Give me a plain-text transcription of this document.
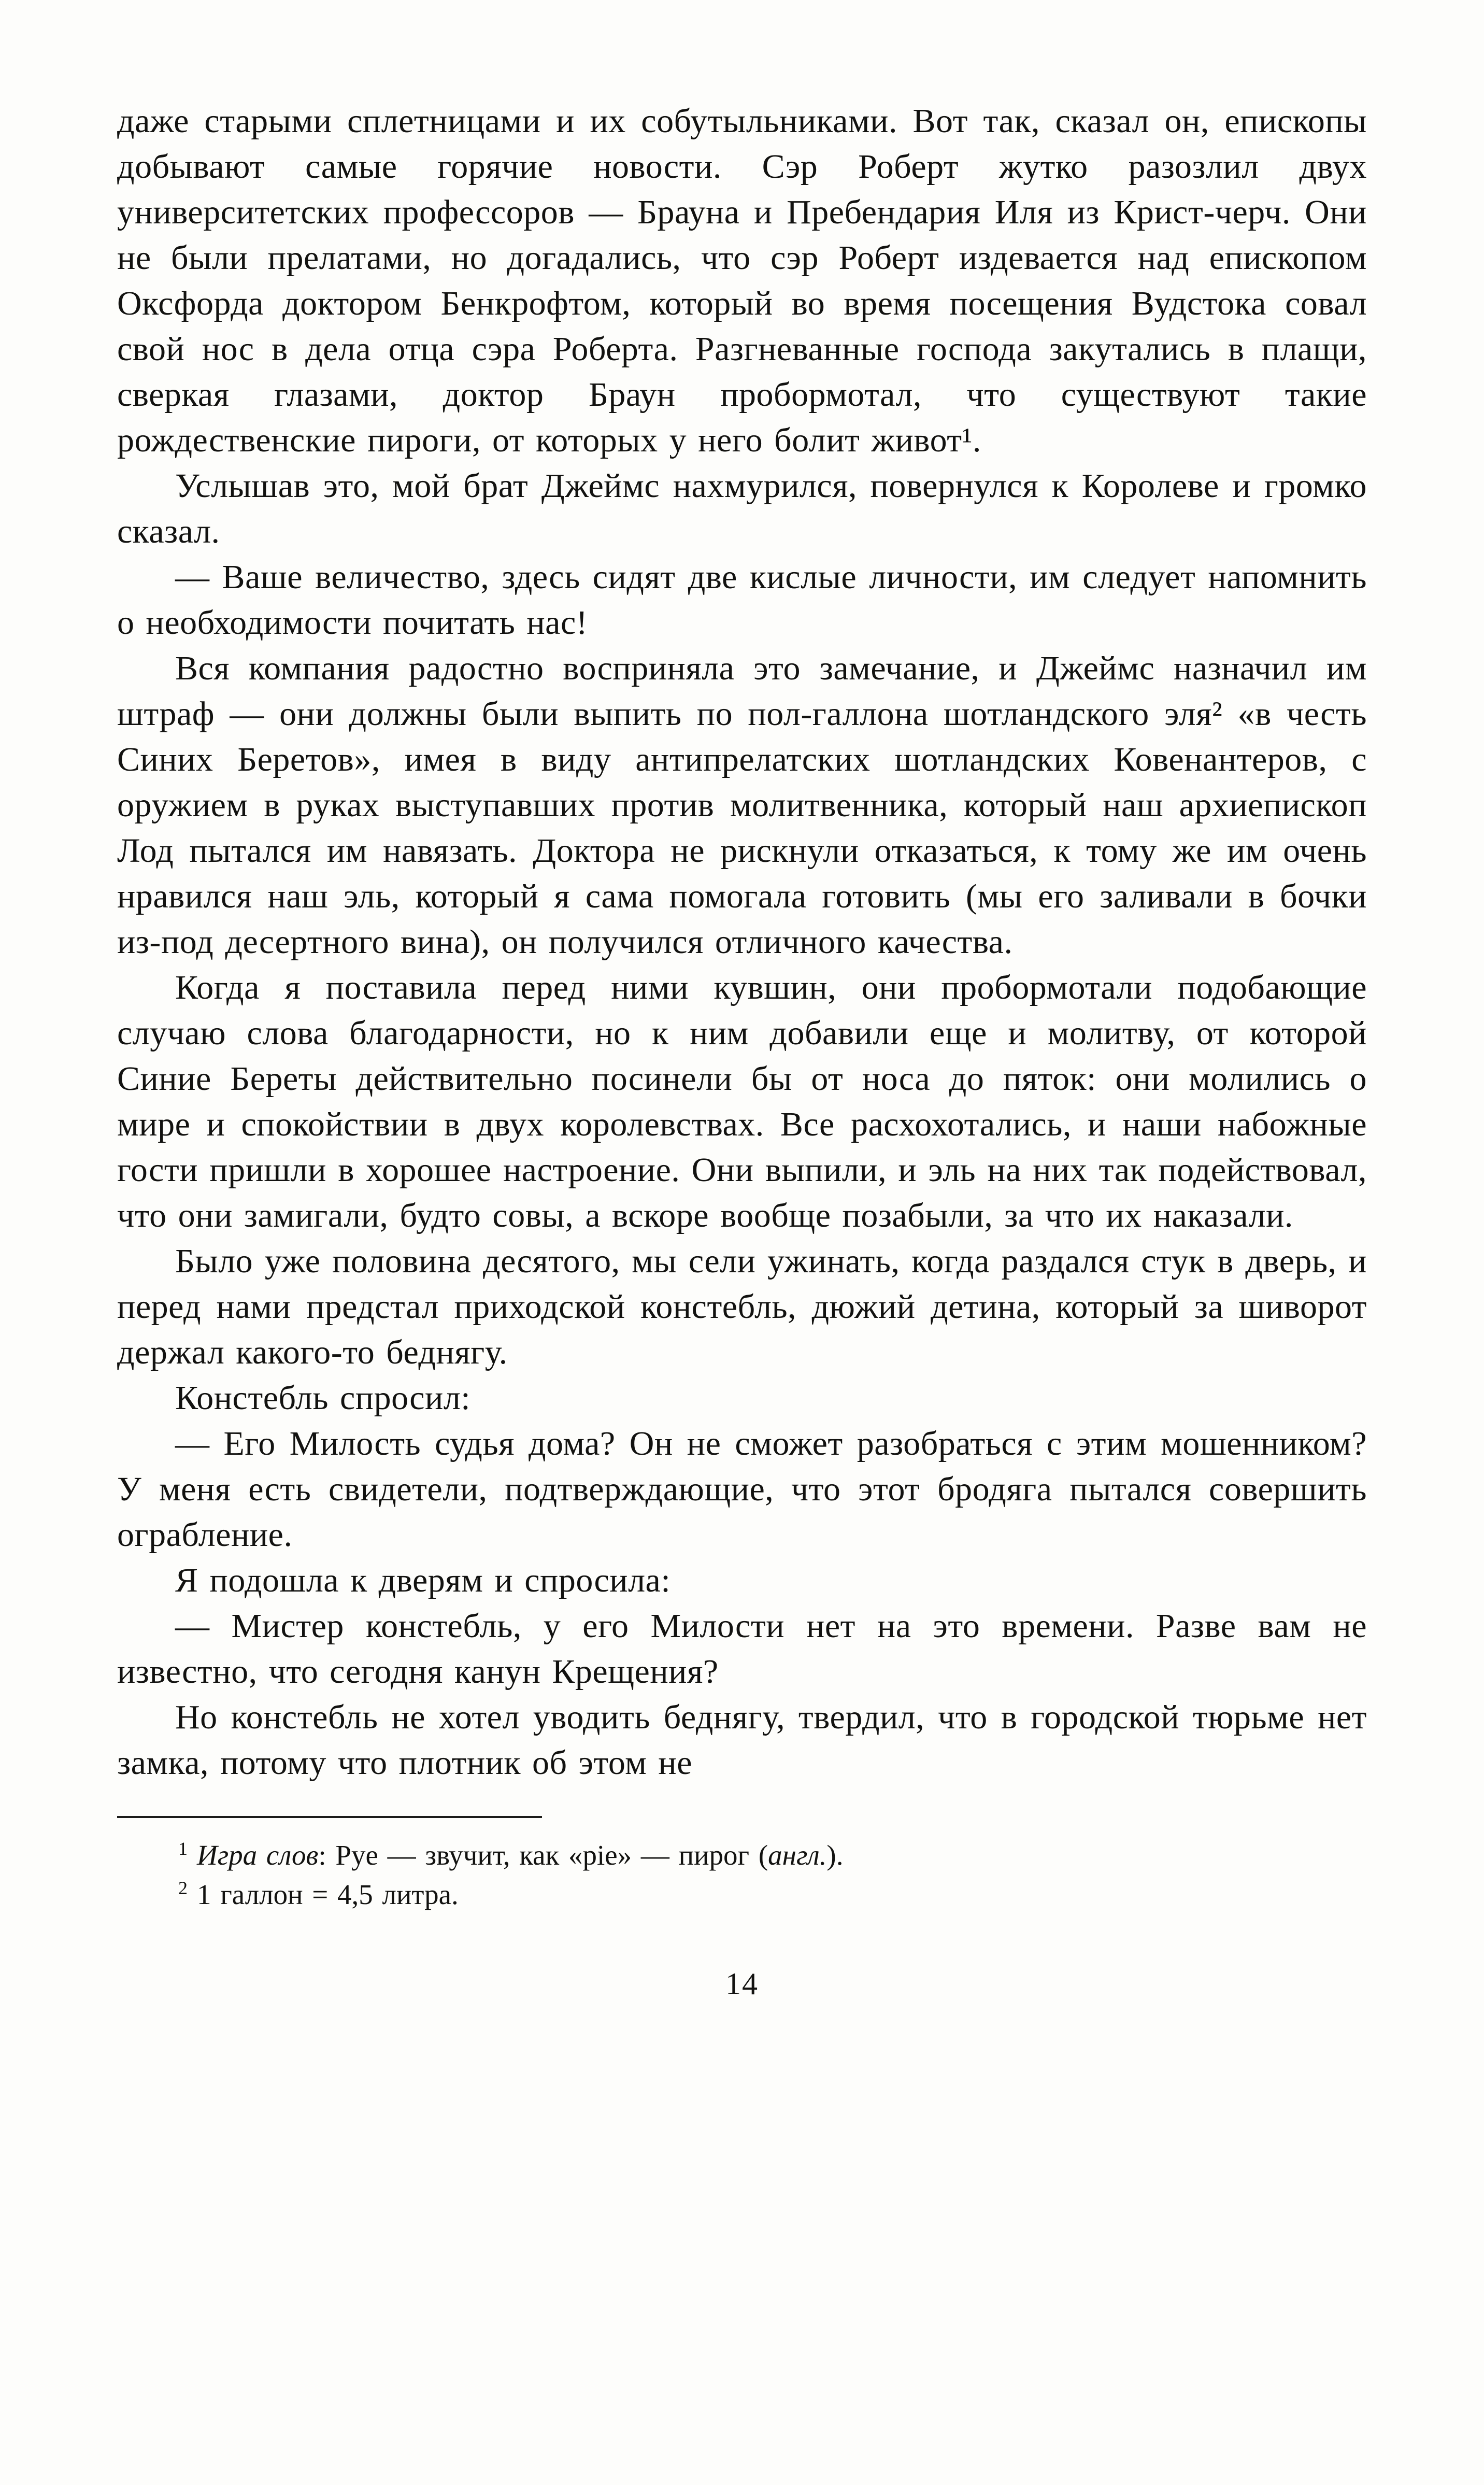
даже старыми сплетницами и их собутыльниками. Вот так, сказал он, епископы добывают самые горячие новости. Сэр Роберт жутко разозлил двух университетских профессоров — Брауна и Пребендария Иля из Крист-черч. Они не были прелатами, но догадались, что сэр Роберт издевается над епископом Оксфорда доктором Бенкрофтом, который во время посещения Вудстока совал свой нос в дела отца сэра Роберта. Разгневанные господа закутались в плащи, сверкая глазами, доктор Браун пробормотал, что существуют такие рождественские пироги, от которых у него болит живот¹.

Услышав это, мой брат Джеймс нахмурился, повернулся к Королеве и громко сказал.

— Ваше величество, здесь сидят две кислые личности, им следует напомнить о необходимости почитать нас!

Вся компания радостно восприняла это замечание, и Джеймс назначил им штраф — они должны были выпить по пол-галлона шотландского эля² «в честь Синих Беретов», имея в виду антипрелатских шотландских Ковенантеров, с оружием в руках выступавших против молитвенника, который наш архиепископ Лод пытался им навязать. Доктора не рискнули отказаться, к тому же им очень нравился наш эль, который я сама помогала готовить (мы его заливали в бочки из-под десертного вина), он получился отличного качества.

Когда я поставила перед ними кувшин, они пробормотали подобающие случаю слова благодарности, но к ним добавили еще и молитву, от которой Синие Береты действительно посинели бы от носа до пяток: они молились о мире и спокойствии в двух королевствах. Все расхохотались, и наши набожные гости пришли в хорошее настроение. Они выпили, и эль на них так подействовал, что они замигали, будто совы, а вскоре вообще позабыли, за что их наказали.

Было уже половина десятого, мы сели ужинать, когда раздался стук в дверь, и перед нами предстал приходской констебль, дюжий детина, который за шиворот держал какого-то беднягу.

Констебль спросил:

— Его Милость судья дома? Он не сможет разобраться с этим мошенником? У меня есть свидетели, подтверждающие, что этот бродяга пытался совершить ограбление.

Я подошла к дверям и спросила:

— Мистер констебль, у его Милости нет на это времени. Разве вам не известно, что сегодня канун Крещения?

Но констебль не хотел уводить беднягу, твердил, что в городской тюрьме нет замка, потому что плотник об этом не

$^1$ Игра слов: Pye — звучит, как «pie» — пирог (англ.).
$^2$ 1 галлон = 4,5 литра.
14
